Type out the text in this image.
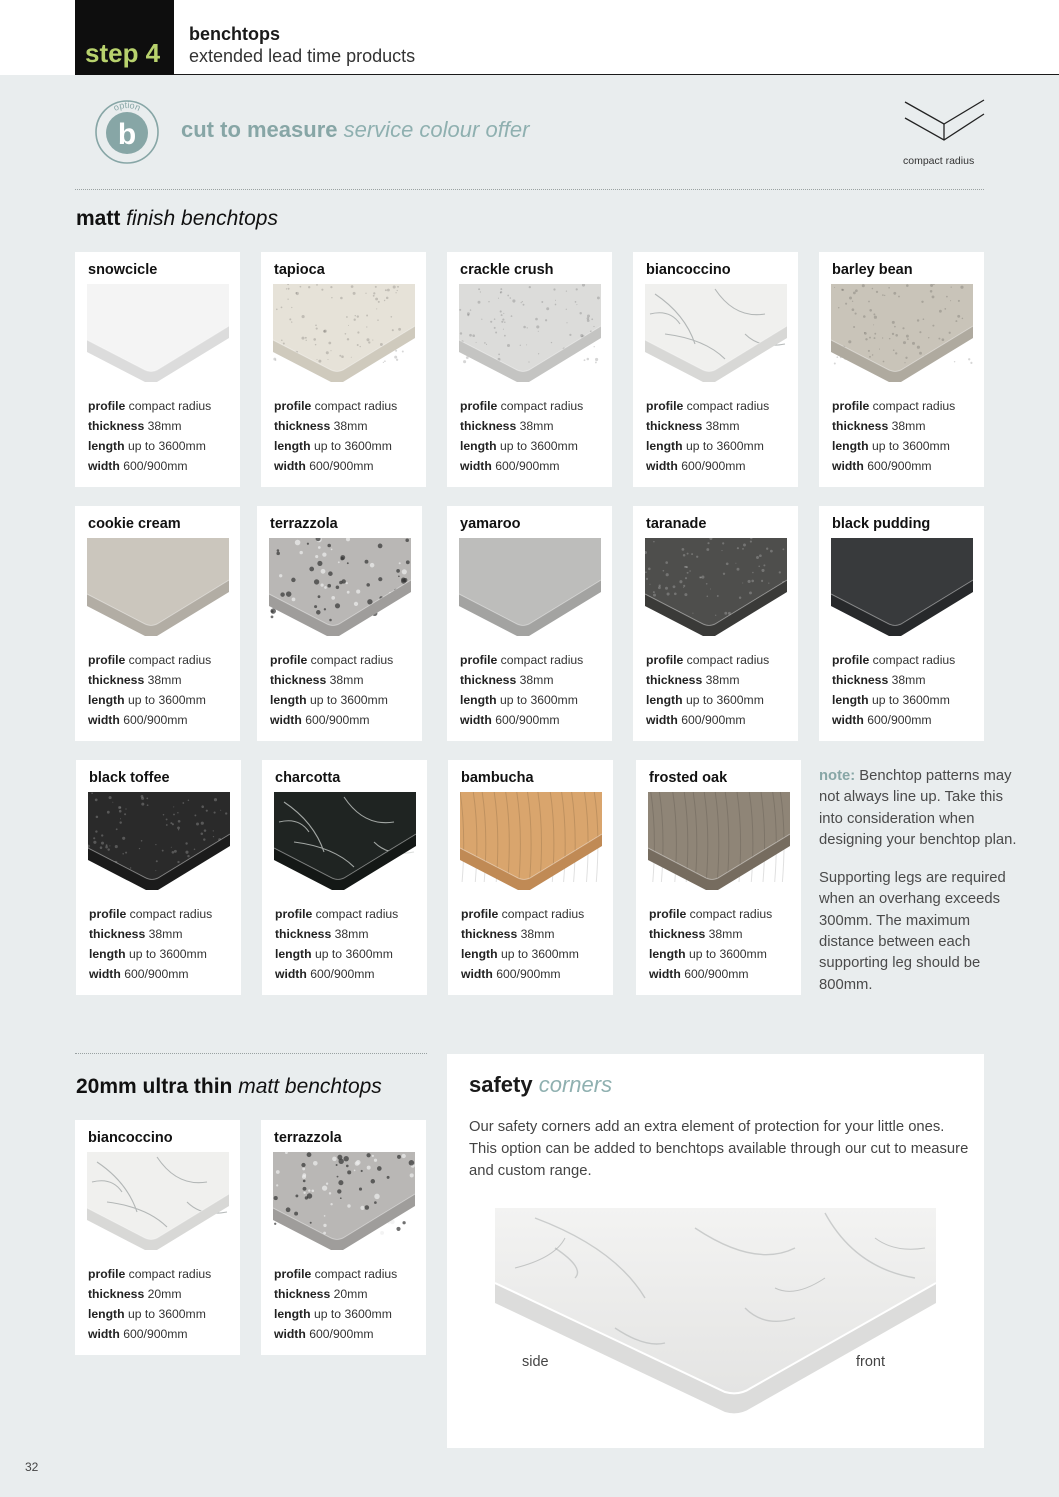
step 4
benchtops
extended lead time products
option
b cut to measure service colour offer
compact radius
matt finish benchtops
snowcicle
profile compact radius
thickness 38mm
length up to 3600mm
width 600/900mm
tapioca
profile compact radius
thickness 38mm
length up to 3600mm
width 600/900mm
crackle crush
profile compact radius
thickness 38mm
length up to 3600mm
width 600/900mm
biancoccino
profile compact radius
thickness 38mm
length up to 3600mm
width 600/900mm
barley bean
profile compact radius
thickness 38mm
length up to 3600mm
width 600/900mm
cookie cream
profile compact radius
thickness 38mm
length up to 3600mm
width 600/900mm
terrazzola
profile compact radius
thickness 38mm
length up to 3600mm
width 600/900mm
yamaroo
profile compact radius
thickness 38mm
length up to 3600mm
width 600/900mm
taranade
profile compact radius
thickness 38mm
length up to 3600mm
width 600/900mm
black pudding
profile compact radius
thickness 38mm
length up to 3600mm
width 600/900mm
black toffee
profile compact radius
thickness 38mm
length up to 3600mm
width 600/900mm
charcotta
profile compact radius
thickness 38mm
length up to 3600mm
width 600/900mm
bambucha
profile compact radius
thickness 38mm
length up to 3600mm
width 600/900mm
frosted oak
profile compact radius
thickness 38mm
length up to 3600mm
width 600/900mm

note: Benchtop patterns may not always line up. Take this into consideration when designing your benchtop plan.

Supporting legs are required when an overhang exceeds 300mm. The maximum distance between each supporting leg should be 800mm.

20mm ultra thin matt benchtops
biancoccino
profile compact radius
thickness 20mm
length up to 3600mm
width 600/900mm
terrazzola
profile compact radius
thickness 20mm
length up to 3600mm
width 600/900mm
safety corners
Our safety corners add an extra element of protection for your little ones. This option can be added to benchtops available through our cut to measure and custom range.
side	front
32
